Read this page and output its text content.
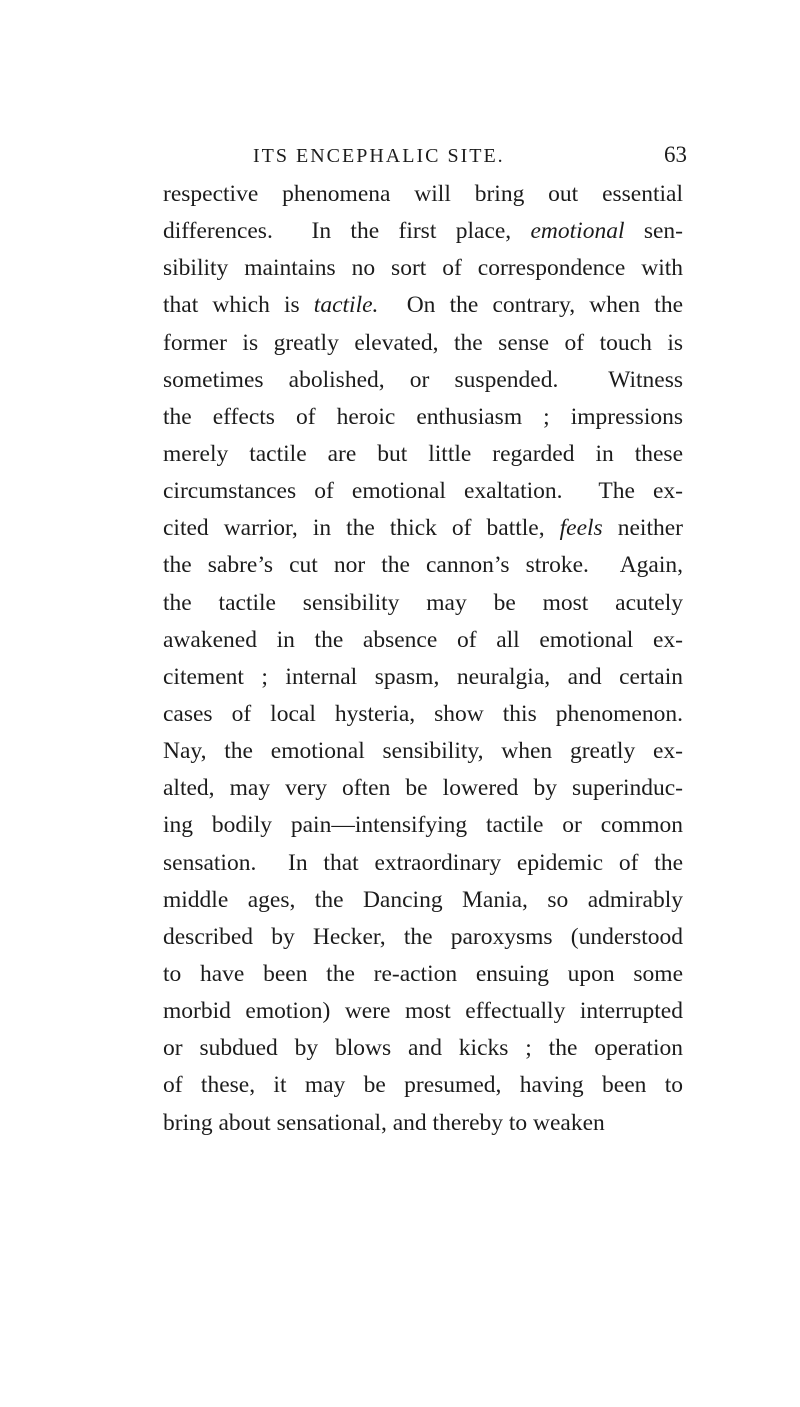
ITS ENCEPHALIC SITE.	63
respective phenomena will bring out essential
differences.  In the first place, emotional sen-
sibility maintains no sort of correspondence with
that which is tactile.  On the contrary, when the
former is greatly elevated, the sense of touch is
sometimes abolished, or suspended.  Witness
the effects of heroic enthusiasm ; impressions
merely tactile are but little regarded in these
circumstances of emotional exaltation.  The ex-
cited warrior, in the thick of battle, feels neither
the sabre’s cut nor the cannon’s stroke.  Again,
the tactile sensibility may be most acutely
awakened in the absence of all emotional ex-
citement ; internal spasm, neuralgia, and certain
cases of local hysteria, show this phenomenon.
Nay, the emotional sensibility, when greatly ex-
alted, may very often be lowered by superinduc-
ing bodily pain—intensifying tactile or common
sensation.  In that extraordinary epidemic of the
middle ages, the Dancing Mania, so admirably
described by Hecker, the paroxysms (understood
to have been the re-action ensuing upon some
morbid emotion) were most effectually interrupted
or subdued by blows and kicks ; the operation
of these, it may be presumed, having been to
bring about sensational, and thereby to weaken
